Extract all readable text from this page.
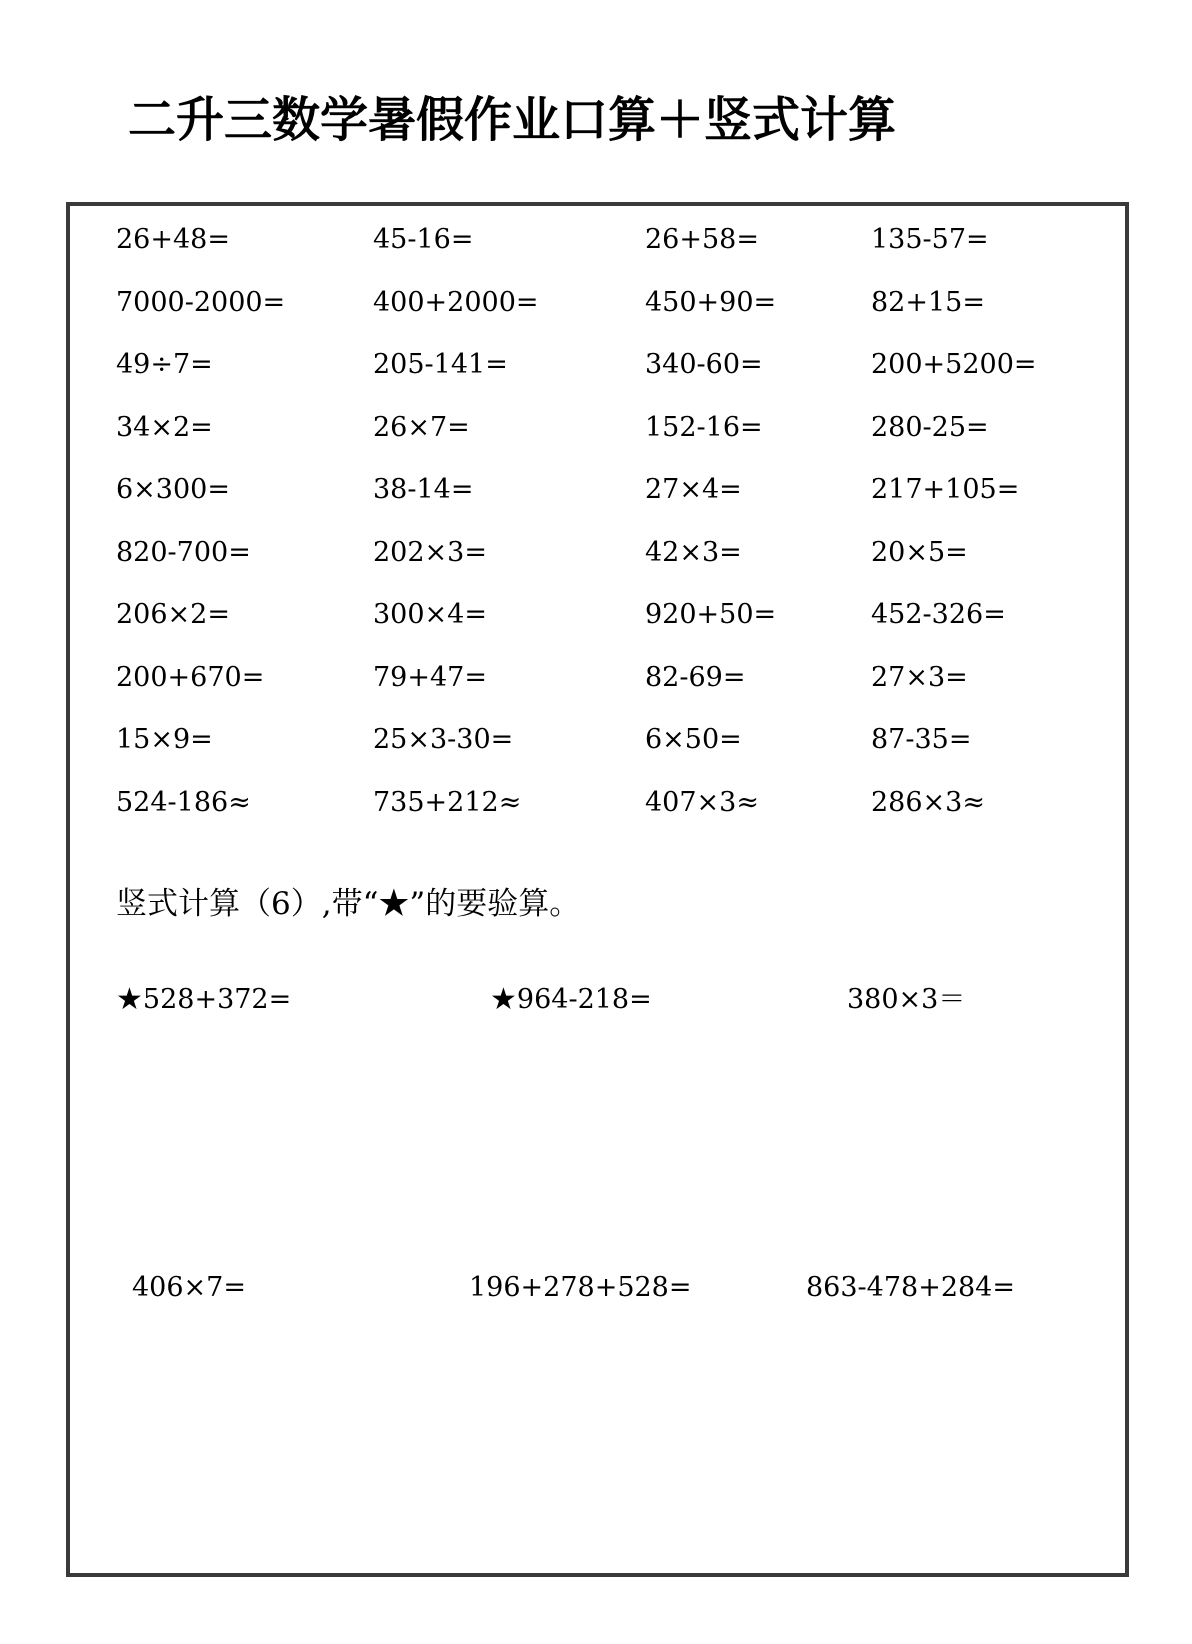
二升三数学暑假作业口算＋竖式计算
26+48=	45-16=	26+58=	135-57=
7000-2000=	400+2000=	450+90=	82+15=
49÷7=	205-141=	340-60=	200+5200=
34×2=	26×7=	152-16=	280-25=
6×300=	38-14=	27×4=	217+105=
820-700=	202×3=	42×3=	20×5=
206×2=	300×4=	920+50=	452-326=
200+670=	79+47=	82-69=	27×3=
15×9=	25×3-30=	6×50=	87-35=
524-186≈	735+212≈	407×3≈	286×3≈
竖式计算（6）,带“★”的要验算。
★528+372=	★964-218=	380×3＝
406×7=	196+278+528=	863-478+284=
